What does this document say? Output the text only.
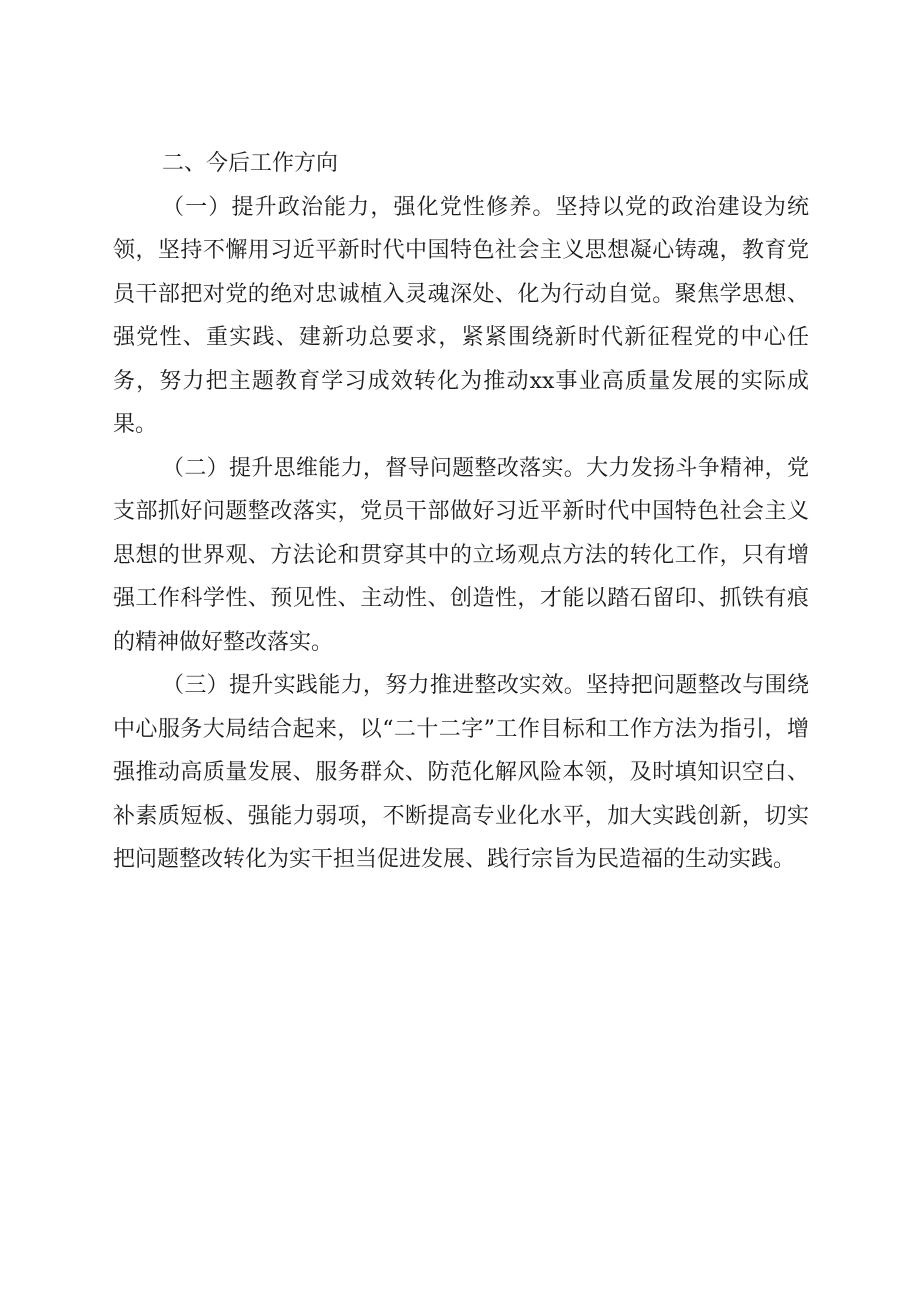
二、今后工作方向

（一）提升政治能力，强化党性修养。坚持以党的政治建设为统领，坚持不懈用习近平新时代中国特色社会主义思想凝心铸魂，教育党员干部把对党的绝对忠诚植入灵魂深处、化为行动自觉。聚焦学思想、强党性、重实践、建新功总要求，紧紧围绕新时代新征程党的中心任务，努力把主题教育学习成效转化为推动xx事业高质量发展的实际成果。

（二）提升思维能力，督导问题整改落实。大力发扬斗争精神，党支部抓好问题整改落实，党员干部做好习近平新时代中国特色社会主义思想的世界观、方法论和贯穿其中的立场观点方法的转化工作，只有增强工作科学性、预见性、主动性、创造性，才能以踏石留印、抓铁有痕的精神做好整改落实。

（三）提升实践能力，努力推进整改实效。坚持把问题整改与围绕中心服务大局结合起来，以“二十二字”工作目标和工作方法为指引，增强推动高质量发展、服务群众、防范化解风险本领，及时填知识空白、补素质短板、强能力弱项，不断提高专业化水平，加大实践创新，切实把问题整改转化为实干担当促进发展、践行宗旨为民造福的生动实践。
